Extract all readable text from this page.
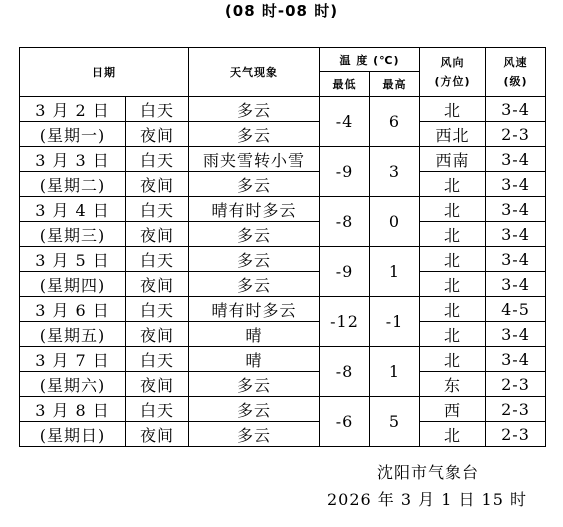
(08 时-08 时)
日期		天气现象	温 度 (℃)		风向
(方位)	风速
(级)
			最低	最高		
3 月 2 日	白天	多云	-4	6	北	3-4
(星期一)	夜间	多云			西北	2-3
3 月 3 日	白天	雨夹雪转小雪	-9	3	西南	3-4
(星期二)	夜间	多云			北	3-4
3 月 4 日	白天	晴有时多云	-8	0	北	3-4
(星期三)	夜间	多云			北	3-4
3 月 5 日	白天	多云	-9	1	北	3-4
(星期四)	夜间	多云			北	3-4
3 月 6 日	白天	晴有时多云	-12	-1	北	4-5
(星期五)	夜间	晴			北	3-4
3 月 7 日	白天	晴	-8	1	北	3-4
(星期六)	夜间	多云			东	2-3
3 月 8 日	白天	多云	-6	5	西	2-3
(星期日)	夜间	多云			北	2-3
沈阳市气象台
2026 年 3 月 1 日 15 时
